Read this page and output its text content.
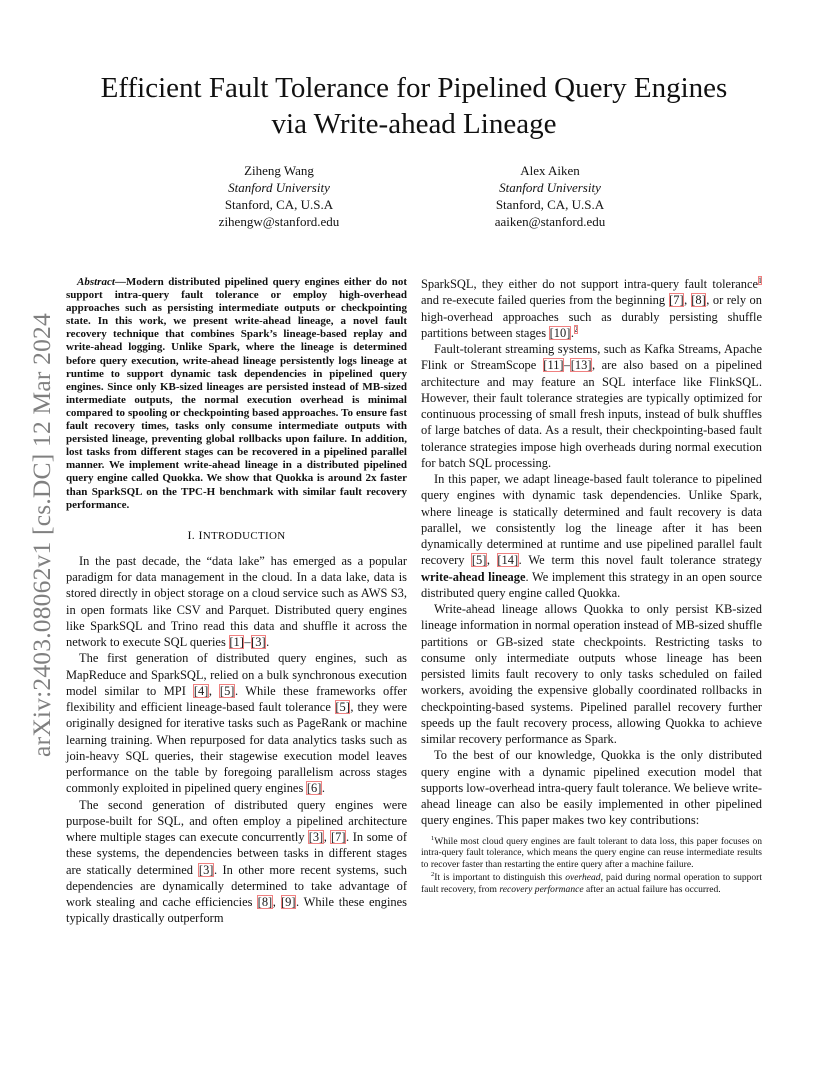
arXiv:2403.08062v1 [cs.DC] 12 Mar 2024
Efficient Fault Tolerance for Pipelined Query Engines via Write-ahead Lineage
Ziheng Wang
Stanford University
Stanford, CA, U.S.A
zihengw@stanford.edu
Alex Aiken
Stanford University
Stanford, CA, U.S.A
aaiken@stanford.edu

Abstract—Modern distributed pipelined query engines either do not support intra-query fault tolerance or employ high-overhead approaches such as persisting intermediate outputs or checkpointing state. In this work, we present write-ahead lineage, a novel fault recovery technique that combines Spark’s lineage-based replay and write-ahead logging. Unlike Spark, where the lineage is determined before query execution, write-ahead lineage persistently logs lineage at runtime to support dynamic task dependencies in pipelined query engines. Since only KB-sized lineages are persisted instead of MB-sized intermediate outputs, the normal execution overhead is minimal compared to spooling or checkpointing based approaches. To ensure fast fault recovery times, tasks only consume intermediate outputs with persisted lineage, preventing global rollbacks upon failure. In addition, lost tasks from different stages can be recovered in a pipelined parallel manner. We implement write-ahead lineage in a distributed pipelined query engine called Quokka. We show that Quokka is around 2x faster than SparkSQL on the TPC-H benchmark with similar fault recovery performance.

I. INTRODUCTION

In the past decade, the “data lake” has emerged as a popular paradigm for data management in the cloud. In a data lake, data is stored directly in object storage on a cloud service such as AWS S3, in open formats like CSV and Parquet. Distributed query engines like SparkSQL and Trino read this data and shuffle it across the network to execute SQL queries [1]–[3].

The first generation of distributed query engines, such as MapReduce and SparkSQL, relied on a bulk synchronous execution model similar to MPI [4], [5]. While these frameworks offer flexibility and efficient lineage-based fault tolerance [5], they were originally designed for iterative tasks such as PageRank or machine learning training. When repurposed for data analytics tasks such as join-heavy SQL queries, their stagewise execution model leaves performance on the table by foregoing parallelism across stages commonly exploited in pipelined query engines [6].

The second generation of distributed query engines were purpose-built for SQL, and often employ a pipelined architecture where multiple stages can execute concurrently [3], [7]. In some of these systems, the dependencies between tasks in different stages are statically determined [3]. In other more recent systems, such dependencies are dynamically determined to take advantage of work stealing and cache efficiencies [8], [9]. While these engines typically drastically outperform

SparkSQL, they either do not support intra-query fault tolerance$^1$ and re-execute failed queries from the beginning [7], [8], or rely on high-overhead approaches such as durably persisting shuffle partitions between stages [10].$^2$

Fault-tolerant streaming systems, such as Kafka Streams, Apache Flink or StreamScope [11]–[13], are also based on a pipelined architecture and may feature an SQL interface like FlinkSQL. However, their fault tolerance strategies are typically optimized for continuous processing of small fresh inputs, instead of bulk shuffles of large batches of data. As a result, their checkpointing-based fault tolerance strategies impose high overheads during normal execution for batch SQL processing.

In this paper, we adapt lineage-based fault tolerance to pipelined query engines with dynamic task dependencies. Unlike Spark, where lineage is statically determined and fault recovery is data parallel, we consistently log the lineage after it has been dynamically determined at runtime and use pipelined parallel fault recovery [5], [14]. We term this novel fault tolerance strategy write-ahead lineage. We implement this strategy in an open source distributed query engine called Quokka.

Write-ahead lineage allows Quokka to only persist KB-sized lineage information in normal operation instead of MB-sized shuffle partitions or GB-sized state checkpoints. Restricting tasks to consume only intermediate outputs whose lineage has been persisted limits fault recovery to only tasks scheduled on failed workers, avoiding the expensive globally coordinated rollbacks in checkpointing-based systems. Pipelined parallel recovery further speeds up the fault recovery process, allowing Quokka to achieve similar recovery performance as Spark.

To the best of our knowledge, Quokka is the only distributed query engine with a dynamic pipelined execution model that supports low-overhead intra-query fault tolerance. We believe write-ahead lineage can also be easily implemented in other pipelined query engines. This paper makes two key contributions:

$^1$While most cloud query engines are fault tolerant to data loss, this paper focuses on intra-query fault tolerance, which means the query engine can reuse intermediate results to recover faster than restarting the entire query after a machine failure.

$^2$It is important to distinguish this overhead, paid during normal operation to support fault recovery, from recovery performance after an actual failure has occurred.
